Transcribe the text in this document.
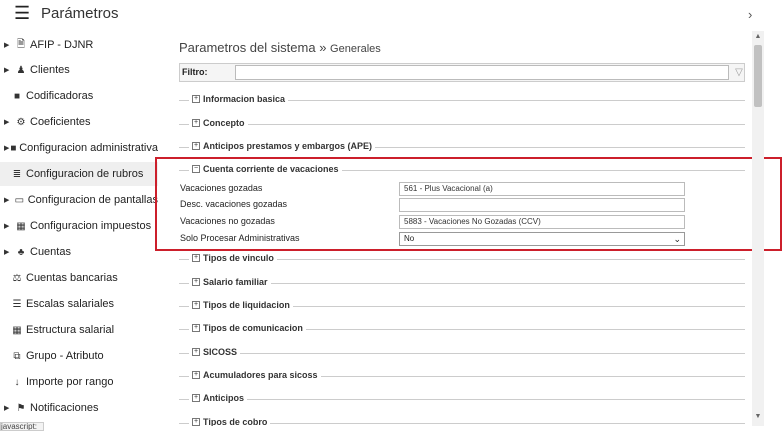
☰ Parámetros	›
▶ 🗎 AFIP - DJNR
▶ ♟ Clientes
■ Codificadoras
▶ ⚙ Coeficientes
▶ ■ Configuracion administrativa
≣ Configuracion de rubros
▶ ▭ Configuracion de pantallas
▶ ▦ Configuracion impuestos
▶ ♣ Cuentas
⚖ Cuentas bancarias
☰ Escalas salariales
▦ Estructura salarial
⧉ Grupo - Atributo
↓ Importe por rango
▶ ⚑ Notificaciones
Parametros del sistema » Generales
Filtro:	▽
+ Informacion basica
+ Concepto
+ Anticipos prestamos y embargos (APE)
− Cuenta corriente de vacaciones
Vacaciones gozadas	561 - Plus Vacacional (a)
Desc. vacaciones gozadas
Vacaciones no gozadas	5883 - Vacaciones No Gozadas (CCV)
Solo Procesar Administrativas	No	⌄
+ Tipos de vinculo
+ Salario familiar
+ Tipos de liquidacion
+ Tipos de comunicacion
+ SICOSS
+ Acumuladores para sicoss
+ Anticipos
+ Tipos de cobro
▲
▼
javascript:
